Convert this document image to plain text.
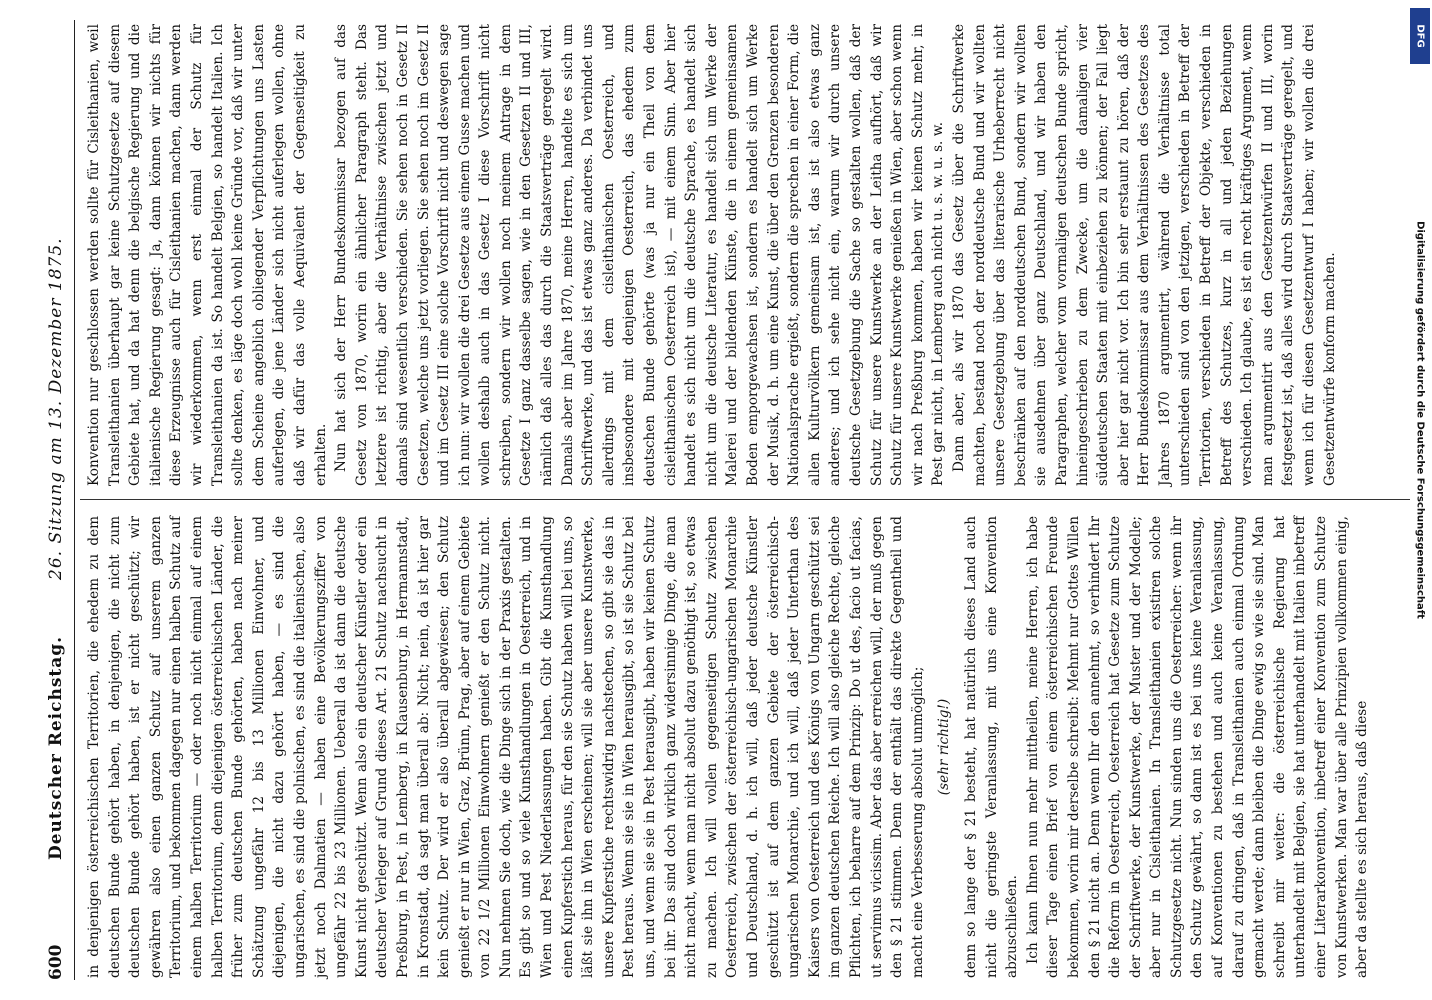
600
Deutscher Reichstag.
26. Sitzung am 13. Dezember 1875.

in denjenigen österreichischen Territorien, die ehedem zu dem deutschen Bunde gehört haben, in denjenigen, die nicht zum deutschen Bunde gehört haben, ist er nicht geschützt; wir gewähren also einen ganzen Schutz auf unserem ganzen Territorium, und bekommen dagegen nur einen halben Schutz auf einem halben Territorium — oder noch nicht einmal auf einem halben Territorium, denn diejenigen österreichischen Länder, die früher zum deutschen Bunde gehörten, haben nach meiner Schätzung ungefähr 12 bis 13 Millionen Einwohner, und diejenigen, die nicht dazu gehört haben, — es sind die ungarischen, es sind die polnischen, es sind die italienischen, also jetzt noch Dalmatien — haben eine Bevölkerungsziffer von ungefähr 22 bis 23 Millionen. Ueberall da ist dann die deutsche Kunst nicht geschützt. Wenn also ein deutscher Künstler oder ein deutscher Verleger auf Grund dieses Art. 21 Schutz nachsucht in Preßburg, in Pest, in Lemberg, in Klausenburg, in Hermannstadt, in Kronstadt, da sagt man überall ab: Nicht; nein, da ist hier gar kein Schutz. Der wird er also überall abgewiesen; den Schutz genießt er nur in Wien, Graz, Brünn, Prag, aber auf einem Gebiete von 22 1/2 Millionen Einwohnern genießt er den Schutz nicht. Nun nehmen Sie doch, wie die Dinge sich in der Praxis gestalten. Es gibt so und so viele Kunsthandlungen in Oesterreich, und in Wien und Pest Niederlassungen haben. Gibt die Kunsthandlung einen Kupferstich heraus, für den sie Schutz haben will bei uns, so läßt sie ihn in Wien erscheinen; will sie aber unsere Kunstwerke, unsere Kupferstiche rechtswidrig nachstechen, so gibt sie das in Pest heraus. Wenn sie sie in Wien herausgibt, so ist sie Schutz bei uns, und wenn sie sie in Pest herausgibt, haben wir keinen Schutz bei ihr. Das sind doch wirklich ganz widersinnige Dinge, die man nicht macht, wenn man nicht absolut dazu genöthigt ist, so etwas zu machen. Ich will vollen gegenseitigen Schutz zwischen Oesterreich, zwischen der österreichisch-ungarischen Monarchie und Deutschland, d. h. ich will, daß jeder deutsche Künstler geschützt ist auf dem ganzen Gebiete der österreichisch-ungarischen Monarchie, und ich will, daß jeder Unterthan des Kaisers von Oesterreich und des Königs von Ungarn geschützt sei im ganzen deutschen Reiche. Ich will also gleiche Rechte, gleiche Pflichten, ich beharre auf dem Prinzip: Do ut des, facio ut facias, ut servimus vicissim. Aber das aber erreichen will, der muß gegen den § 21 stimmen. Denn der enthält das direkte Gegentheil und macht eine Verbesserung absolut unmöglich; (sehr richtig!) denn so lange der § 21 besteht, hat natürlich dieses Land auch nicht die geringste Veranlassung, mit uns eine Konvention abzuschließen. Ich kann Ihnen nun mehr mittheilen, meine Herren, ich habe dieser Tage einen Brief von einem österreichischen Freunde bekommen, worin mir derselbe schreibt: Mehmt nur Gottes Willen den § 21 nicht an. Denn wenn Ihr den annehmt, so verhindert Ihr die Reform in Oesterreich, Oesterreich hat Gesetze zum Schutze der Schriftwerke, der Kunstwerke, der Muster und der Modelle; aber nur in Cisleithanien. In Transleithanien existiren solche Schutzgesetze nicht. Nun sinden uns die Oesterreicher: wenn ihr den Schutz gewährt, so dann ist es bei uns keine Veranlassung, auf Konventionen zu bestehen und auch keine Veranlassung, darauf zu dringen, daß in Transleithanien auch einmal Ordnung gemacht werde; dann bleiben die Dinge ewig so wie sie sind. Man schreibt mir weiter: die österreichische Regierung hat unterhandelt mit Belgien, sie hat unterhandelt mit Italien inbetreff einer Literarkonvention, inbetreff einer Konvention zum Schutze von Kunstwerken. Man war über alle Prinzipien vollkommen einig, aber da stellte es sich heraus, daß diese

Konvention nur geschlossen werden sollte für Cisleithanien, weil Transleithanien überhaupt gar keine Schutzgesetze auf diesem Gebiete hat, und da hat denn die belgische Regierung und die italienische Regierung gesagt: Ja, dann können wir nichts für diese Erzeugnisse auch für Cisleithanien machen, dann werden wir wiederkommen, wenn erst einmal der Schutz für Transleithanien da ist. So handelt Belgien, so handelt Italien. Ich sollte denken, es läge doch wohl keine Gründe vor, daß wir unter dem Scheine angeblich obliegender Verpflichtungen uns Lasten auferlegen, die jene Länder sich nicht auferlegen wollen, ohne daß wir dafür das volle Aequivalent der Gegenseitigkeit zu erhalten. Nun hat sich der Herr Bundeskommissar bezogen auf das Gesetz von 1870, worin ein ähnlicher Paragraph steht. Das letztere ist richtig, aber die Verhältnisse zwischen jetzt und damals sind wesentlich verschieden. Sie sehen noch in Gesetz II Gesetzen, welche uns jetzt vorliegen. Sie sehen noch im Gesetz II und im Gesetz III eine solche Vorschrift nicht und deswegen sage ich nun: wir wollen die drei Gesetze aus einem Gusse machen und wollen deshalb auch in das Gesetz I diese Vorschrift nicht schreiben, sondern wir wollen noch meinem Antrage in dem Gesetze I ganz dasselbe sagen, wie in den Gesetzen II und III, nämlich daß alles das durch die Staatsverträge geregelt wird. Damals aber im Jahre 1870, meine Herren, handelte es sich um Schriftwerke, und das ist etwas ganz anderes. Da verbindet uns allerdings mit dem cisleithanischen Oesterreich, und insbesondere mit denjenigen Oesterreich, das ehedem zum deutschen Bunde gehörte (was ja nur ein Theil von dem cisleithanischen Oesterreich ist), — mit einem Sinn. Aber hier handelt es sich nicht um die deutsche Sprache, es handelt sich nicht um die deutsche Literatur, es handelt sich um Werke der Malerei und der bildenden Künste, die in einem gemeinsamen Boden emporgewachsen ist, sondern es handelt sich um Werke der Musik, d. h. um eine Kunst, die über den Grenzen besonderen Nationalsprache ergießt, sondern die sprechen in einer Form, die allen Kulturvölkern gemeinsam ist, das ist also etwas ganz anderes; und ich sehe nicht ein, warum wir durch unsere deutsche Gesetzgebung die Sache so gestalten wollen, daß der Schutz für unsere Kunstwerke an der Leitha aufhört, daß wir Schutz für unsere Kunstwerke genießen in Wien, aber schon wenn wir nach Preßburg kommen, haben wir keinen Schutz mehr, in Pest gar nicht, in Lemberg auch nicht u. s. w. u. s. w. Dann aber, als wir 1870 das Gesetz über die Schriftwerke machten, bestand noch der norddeutsche Bund und wir wollten unsere Gesetzgebung über das literarische Urheberrecht nicht beschränken auf den norddeutschen Bund, sondern wir wollten sie ausdehnen über ganz Deutschland, und wir haben den Paragraphen, welcher vom vormaligen deutschen Bunde spricht, hineingeschrieben zu dem Zwecke, um die damaligen vier süddeutschen Staaten mit einbeziehen zu können; der Fall liegt aber hier gar nicht vor. Ich bin sehr erstaunt zu hören, daß der Herr Bundeskommissar aus dem Verhältnissen des Gesetzes des Jahres 1870 argumentirt, während die Verhältnisse total unterschieden sind von den jetzigen, verschieden in Betreff der Territorien, verschieden in Betreff der Objekte, verschieden in Betreff des Schutzes, kurz in all und jeden Beziehungen verschieden. Ich glaube, es ist ein recht kräftiges Argument, wenn man argumentirt aus den Gesetzentwürfen II und III, worin festgesetzt ist, daß alles wird durch Staatsverträge geregelt, und wenn ich für diesen Gesetzentwurf I haben; wir wollen die drei Gesetzentwürfe konform machen.

DFG
Digitalisierung gefördert durch die Deutsche Forschungsgemeinschaft
